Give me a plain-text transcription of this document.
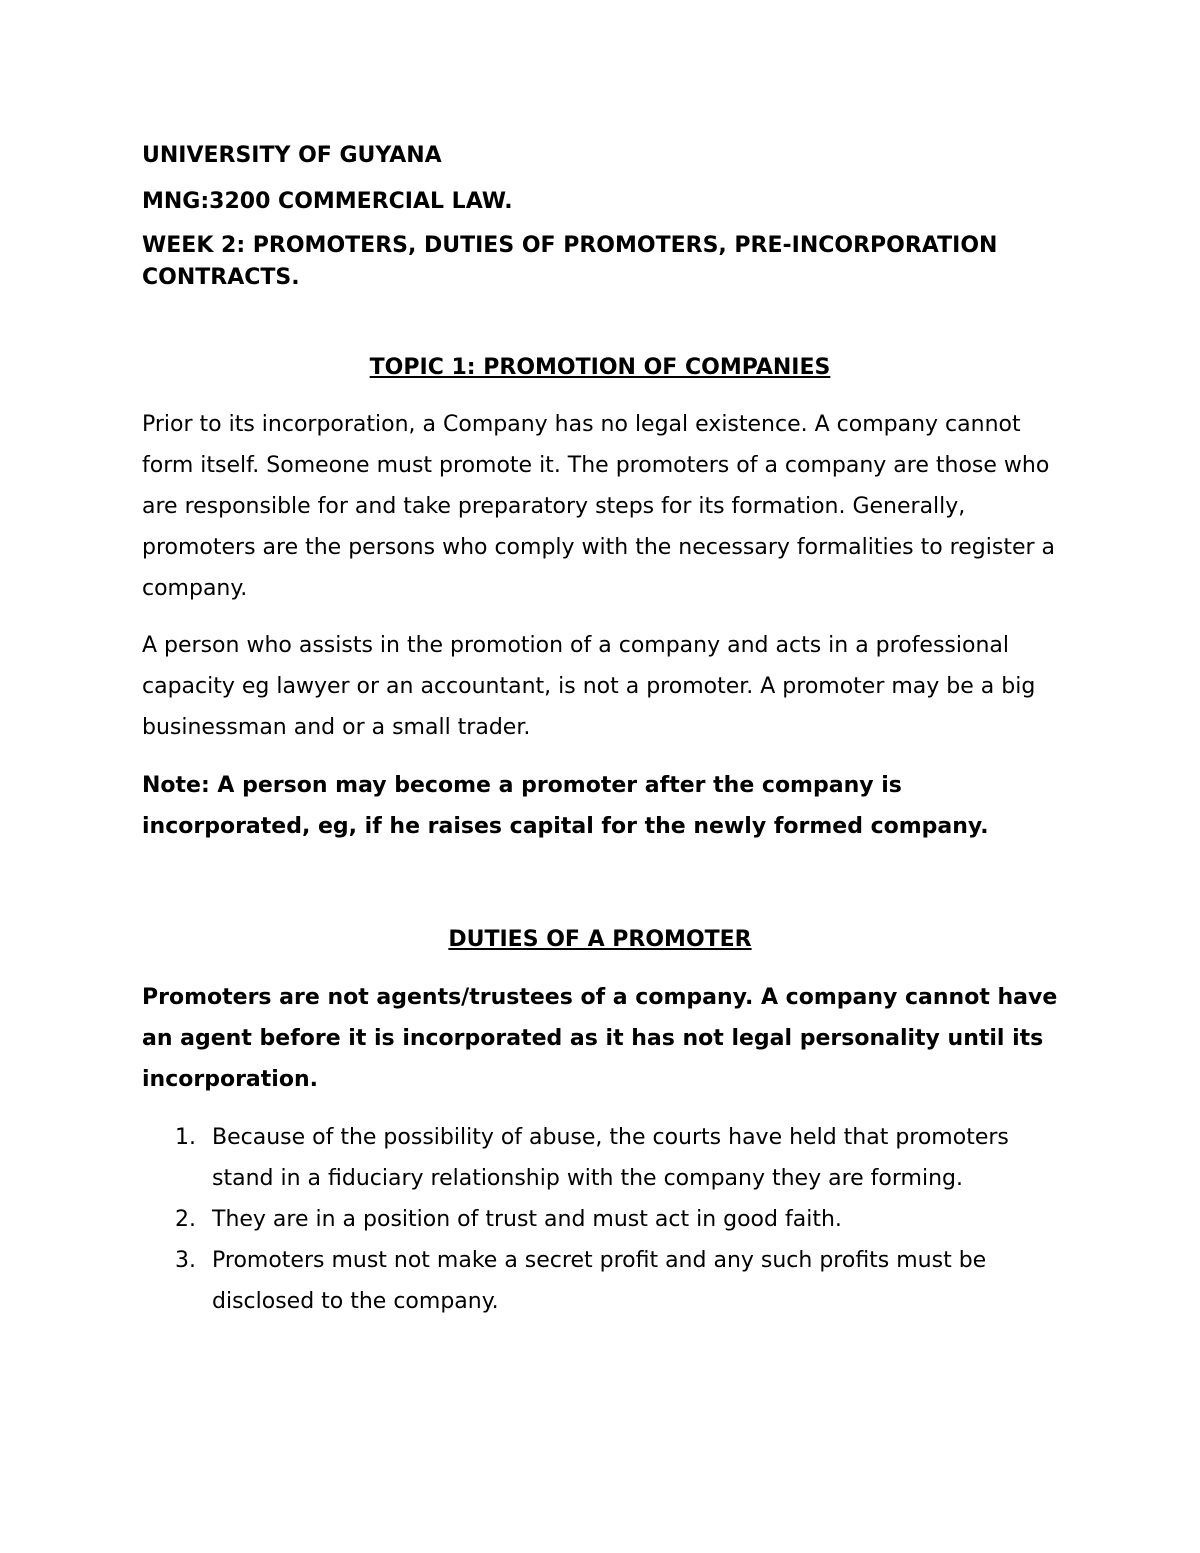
UNIVERSITY OF GUYANA

MNG:3200 COMMERCIAL LAW.

WEEK 2: PROMOTERS, DUTIES OF PROMOTERS, PRE-INCORPORATION CONTRACTS.

TOPIC 1: PROMOTION OF COMPANIES

Prior to its incorporation, a Company has no legal existence. A company cannot form itself. Someone must promote it. The promoters of a company are those who are responsible for and take preparatory steps for its formation. Generally, promoters are the persons who comply with the necessary formalities to register a company.

A person who assists in the promotion of a company and acts in a professional capacity eg lawyer or an accountant, is not a promoter. A promoter may be a big businessman and or a small trader.

Note: A person may become a promoter after the company is incorporated, eg, if he raises capital for the newly formed company.

DUTIES OF A PROMOTER

Promoters are not agents/trustees of a company. A company cannot have an agent before it is incorporated as it has not legal personality until its incorporation.

1. Because of the possibility of abuse, the courts have held that promoters stand in a fiduciary relationship with the company they are forming.
2. They are in a position of trust and must act in good faith.
3. Promoters must not make a secret profit and any such profits must be disclosed to the company.
